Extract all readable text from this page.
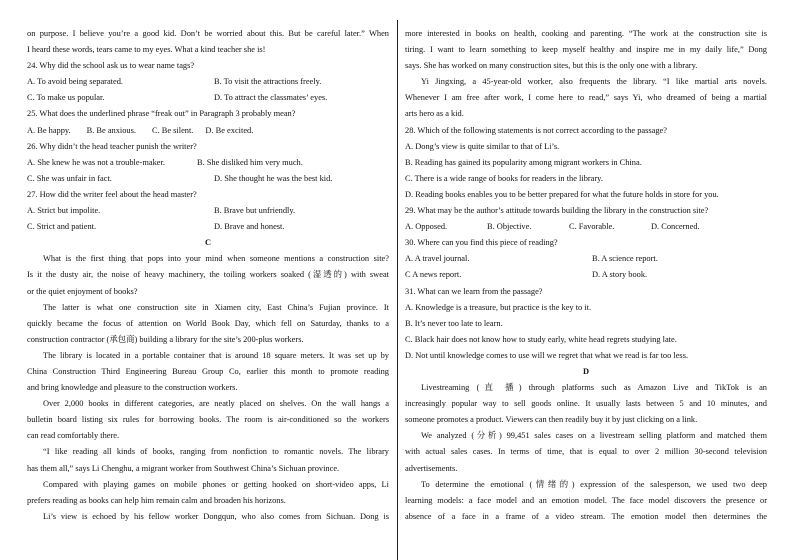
on purpose. I believe you’re a good kid. Don’t be worried about this. But be careful later.” When
I heard these words, tears came to my eyes. What a kind teacher she is!
24. Why did the school ask us to wear name tags?
A. To avoid being separated.	B. To visit the attractions freely.
C. To make us popular.	D. To attract the classmates’ eyes.
25. What does the underlined phrase “freak out” in Paragraph 3 probably mean?
A. Be happy. B. Be anxious. C. Be silent. D. Be excited.
26. Why didn’t the head teacher punish the writer?
A. She knew he was not a trouble-maker.	B. She disliked him very much.
C. She was unfair in fact.	D. She thought he was the best kid.
27. How did the writer feel about the head master?
A. Strict but impolite.	B. Brave but unfriendly.
C. Strict and patient.	D. Brave and honest.
C
What is the first thing that pops into your mind when someone mentions a construction site?
Is it the dusty air, the noise of heavy machinery, the toiling workers soaked (湿透的) with sweat
or the quiet enjoyment of books?
The latter is what one construction site in Xiamen city, East China’s Fujian province. It
quickly became the focus of attention on World Book Day, which fell on Saturday, thanks to a
construction contractor (承包商) building a library for the site’s 200-plus workers.
The library is located in a portable container that is around 18 square meters. It was set up by
China Construction Third Engineering Bureau Group Co, earlier this month to promote reading
and bring knowledge and pleasure to the construction workers.
Over 2,000 books in different categories, are neatly placed on shelves. On the wall hangs a
bulletin board listing six rules for borrowing books. The room is air-conditioned so the workers
can read comfortably there.
“I like reading all kinds of books, ranging from nonfiction to romantic novels. The library
has them all,” says Li Chenghu, a migrant worker from Southwest China’s Sichuan province.
Compared with playing games on mobile phones or getting hooked on short-video apps, Li
prefers reading as books can help him remain calm and broaden his horizons.
Li’s view is echoed by his fellow worker Dongqun, who also comes from Sichuan. Dong is
more interested in books on health, cooking and parenting. “The work at the construction site is
tiring. I want to learn something to keep myself healthy and inspire me in my daily life,” Dong
says. She has worked on many construction sites, but this is the only one with a library.
Yi Jingxing, a 45-year-old worker, also frequents the library. “I like martial arts novels.
Whenever I am free after work, I come here to read,” says Yi, who dreamed of being a martial
arts hero as a kid.
28. Which of the following statements is not correct according to the passage?
A. Dong’s view is quite similar to that of Li’s.
B. Reading has gained its popularity among migrant workers in China.
C. There is a wide range of books for readers in the library.
D. Reading books enables you to be better prepared for what the future holds in store for you.
29. What may be the author’s attitude towards building the library in the construction site?
A. Opposed.	B. Objective.	C. Favorable.	D. Concerned.
30. Where can you find this piece of reading?
A. A travel journal.	B. A science report.
C A news report.	D. A story book.
31. What can we learn from the passage?
A. Knowledge is a treasure, but practice is the key to it.
B. It’s never too late to learn.
C. Black hair does not know how to study early, white head regrets studying late.
D. Not until knowledge comes to use will we regret that what we read is far too less.
D
Livestreaming (直 播) through platforms such as Amazon Live and TikTok is an
increasingly popular way to sell goods online. It usually lasts between 5 and 10 minutes, and
someone promotes a product. Viewers can then readily buy it by just clicking on a link.
We analyzed (分析) 99,451 sales cases on a livestream selling platform and matched them
with actual sales cases. In terms of time, that is equal to over 2 million 30-second television
advertisements.
To determine the emotional (情绪的) expression of the salesperson, we used two deep
learning models: a face model and an emotion model. The face model discovers the presence or
absence of a face in a frame of a video stream. The emotion model then determines the
